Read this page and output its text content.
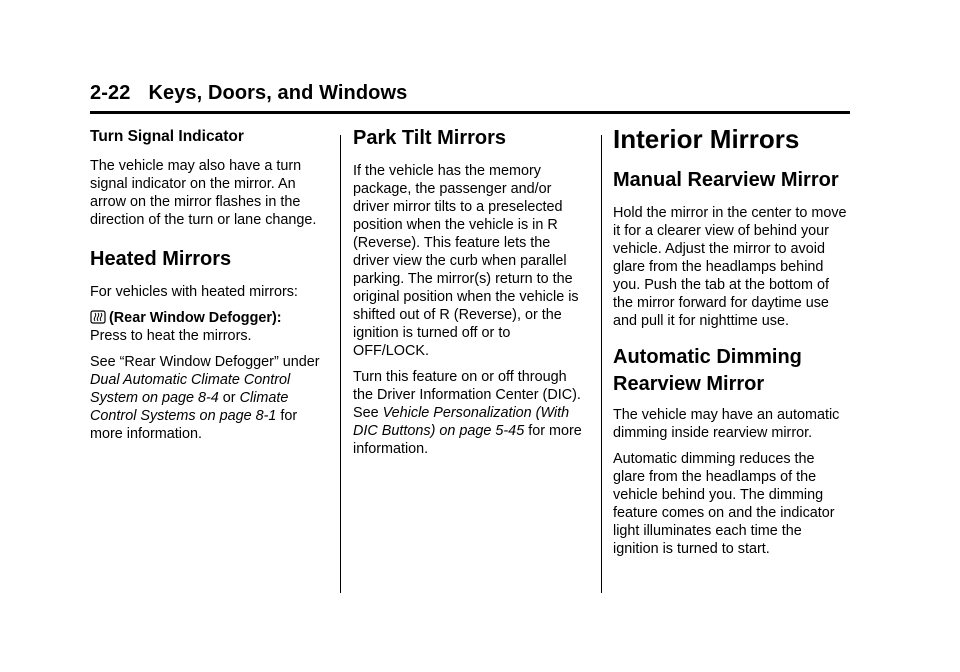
2-22 Keys, Doors, and Windows
Turn Signal Indicator

The vehicle may also have a turn signal indicator on the mirror. An arrow on the mirror flashes in the direction of the turn or lane change.

Heated Mirrors

For vehicles with heated mirrors:

(Rear Window Defogger):
Press to heat the mirrors.

See “Rear Window Defogger” under Dual Automatic Climate Control System on page 8-4 or Climate Control Systems on page 8-1 for more information.

Park Tilt Mirrors

If the vehicle has the memory package, the passenger and/or driver mirror tilts to a preselected position when the vehicle is in R (Reverse). This feature lets the driver view the curb when parallel parking. The mirror(s) return to the original position when the vehicle is shifted out of R (Reverse), or the ignition is turned off or to OFF/LOCK.

Turn this feature on or off through the Driver Information Center (DIC). See Vehicle Personalization (With DIC Buttons) on page 5-45 for more information.

Interior Mirrors
Manual Rearview Mirror

Hold the mirror in the center to move it for a clearer view of behind your vehicle. Adjust the mirror to avoid glare from the headlamps behind you. Push the tab at the bottom of the mirror forward for daytime use and pull it for nighttime use.

Automatic Dimming Rearview Mirror

The vehicle may have an automatic dimming inside rearview mirror.

Automatic dimming reduces the glare from the headlamps of the vehicle behind you. The dimming feature comes on and the indicator light illuminates each time the ignition is turned to start.
